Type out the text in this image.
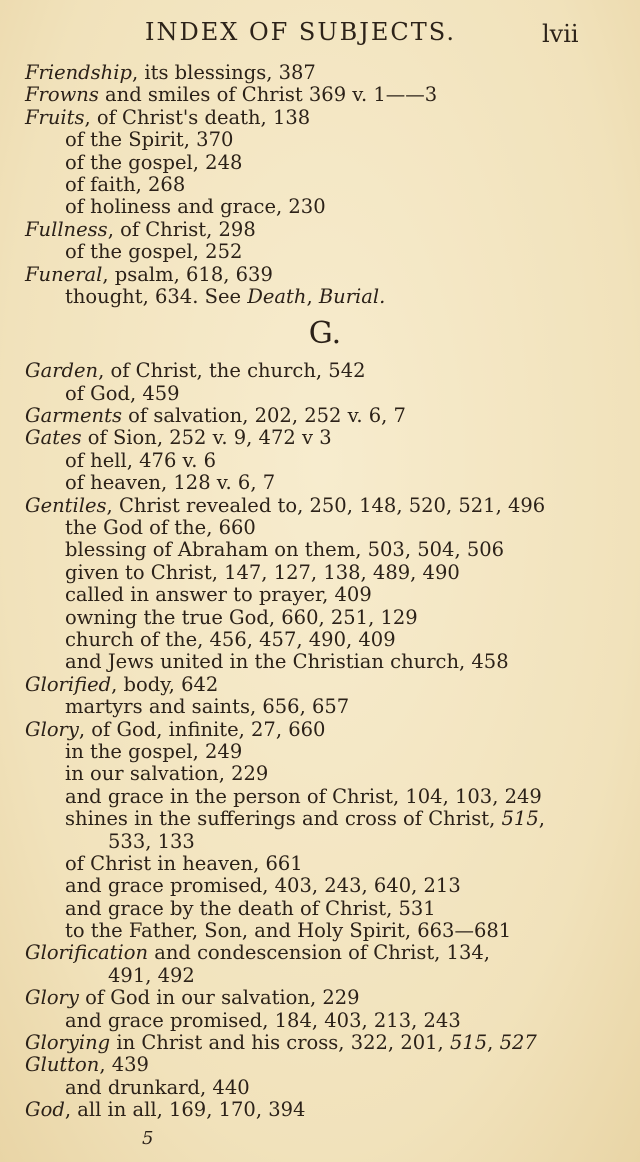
INDEX OF SUBJECTS.	lvii
Friendship, its blessings, 387
Frowns and smiles of Christ 369 v. 1——3
Fruits, of Christ's death, 138
of the Spirit, 370
of the gospel, 248
of faith, 268
of holiness and grace, 230
Fullness, of Christ, 298
of the gospel, 252
Funeral, psalm, 618, 639
thought, 634. See Death, Burial.
G.
Garden, of Christ, the church, 542
of God, 459
Garments of salvation, 202, 252 v. 6, 7
Gates of Sion, 252 v. 9, 472 v 3
of hell, 476 v. 6
of heaven, 128 v. 6, 7
Gentiles, Christ revealed to, 250, 148, 520, 521, 496
the God of the, 660
blessing of Abraham on them, 503, 504, 506
given to Christ, 147, 127, 138, 489, 490
called in answer to prayer, 409
owning the true God, 660, 251, 129
church of the, 456, 457, 490, 409
and Jews united in the Christian church, 458
Glorified, body, 642
martyrs and saints, 656, 657
Glory, of God, infinite, 27, 660
in the gospel, 249
in our salvation, 229
and grace in the person of Christ, 104, 103, 249
shines in the sufferings and cross of Christ, 515,
533, 133
of Christ in heaven, 661
and grace promised, 403, 243, 640, 213
and grace by the death of Christ, 531
to the Father, Son, and Holy Spirit, 663—681
Glorification and condescension of Christ, 134,
491, 492
Glory of God in our salvation, 229
and grace promised, 184, 403, 213, 243
Glorying in Christ and his cross, 322, 201, 515, 527
Glutton, 439
and drunkard, 440
God, all in all, 169, 170, 394
5
